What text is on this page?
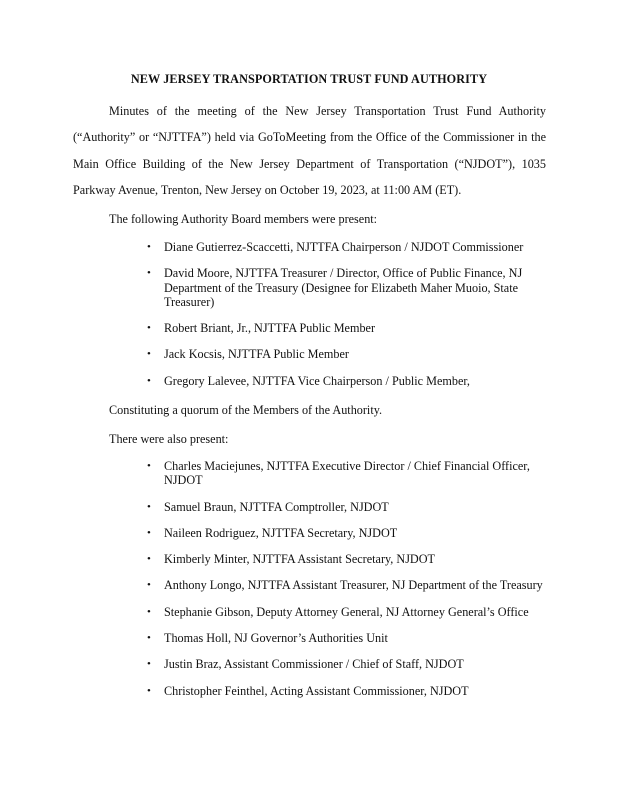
NEW JERSEY TRANSPORTATION TRUST FUND AUTHORITY

Minutes of the meeting of the New Jersey Transportation Trust Fund Authority (“Authority” or “NJTTFA”) held via GoToMeeting from the Office of the Commissioner in the Main Office Building of the New Jersey Department of Transportation (“NJDOT”), 1035 Parkway Avenue, Trenton, New Jersey on October 19, 2023, at 11:00 AM (ET).

The following Authority Board members were present:

• Diane Gutierrez-Scaccetti, NJTTFA Chairperson / NJDOT Commissioner
• David Moore, NJTTFA Treasurer / Director, Office of Public Finance, NJ Department of the Treasury (Designee for Elizabeth Maher Muoio, State Treasurer)
• Robert Briant, Jr., NJTTFA Public Member
• Jack Kocsis, NJTTFA Public Member
• Gregory Lalevee, NJTTFA Vice Chairperson / Public Member,

Constituting a quorum of the Members of the Authority.

There were also present:

• Charles Maciejunes, NJTTFA Executive Director / Chief Financial Officer, NJDOT
• Samuel Braun, NJTTFA Comptroller, NJDOT
• Naileen Rodriguez, NJTTFA Secretary, NJDOT
• Kimberly Minter, NJTTFA Assistant Secretary, NJDOT
• Anthony Longo, NJTTFA Assistant Treasurer, NJ Department of the Treasury
• Stephanie Gibson, Deputy Attorney General, NJ Attorney General’s Office
• Thomas Holl, NJ Governor’s Authorities Unit
• Justin Braz, Assistant Commissioner / Chief of Staff, NJDOT
• Christopher Feinthel, Acting Assistant Commissioner, NJDOT
